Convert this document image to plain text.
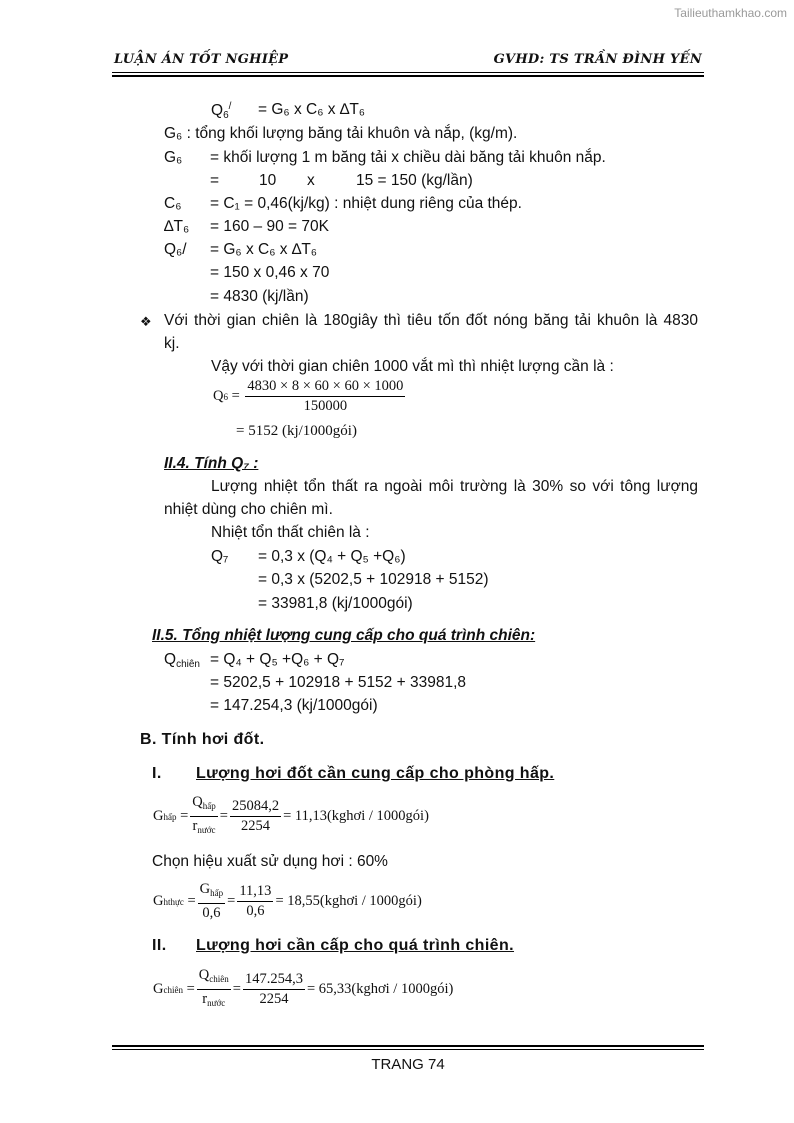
Tailieuthamkhao.com
LUẬN ÁN TỐT NGHIỆP	GVHD: TS TRẦN ĐÌNH YẾN
$Q_6^/ = G_6$ x C₆ x ∆T₆
G₆ : tổng khối lượng băng tải khuôn và nắp, (kg/m).
G₆ = khối lượng 1 m băng tải x chiều dài băng tải khuôn nắp.
=	10 x	15 = 150 (kg/lần)
C₆ = C₁ = 0,46(kj/kg) : nhiệt dung riêng của thép.
∆T₆ = 160 – 90 = 70K
Q₆/ = G₆ x C₆ x ∆T₆
= 150 x 0,46 x 70
= 4830 (kj/lần)
❖ Với thời gian chiên là 180giây thì tiêu tốn đốt nóng băng tải khuôn là 4830
kj.
Vậy với thời gian chiên 1000 vắt mì thì nhiệt lượng cần là :
Q $6 = \frac{4830 \times 8 \times 60 \times 60 \times 1000}{150000}$
= 5152 (kj/1000gói)
II.4. Tính Q₇ :
Lượng nhiệt tổn thất ra ngoài môi trường là 30% so với tông lượng
nhiệt dùng cho chiên mì.
Nhiệt tổn thất chiên là :
Q₇ = 0,3 x (Q₄ + Q₅ +Q₆)
= 0,3 x (5202,5 + 102918 + 5152)
= 33981,8 (kj/1000gói)
II.5. Tổng nhiệt lượng cung cấp cho quá trình chiên:
$Q_{chiên} = Q_4 + Q_5 +Q_6 + Q_7$
= 5202,5 + 102918 + 5152 + 33981,8
= 147.254,3 (kj/1000gói)
B. Tính hơi đốt.
I. Lượng hơi đốt cần cung cấp cho phòng hấp.
G hấp = $\frac{Q_{hấp}}{r_{nước}} = \frac{25084,2}{2254}$ = 11,13(kghơi / 1000gói)
Chọn hiệu xuất sử dụng hơi : 60%
G hthực = $\frac{G_{hấp}}{0,6} = \frac{11,13}{0,6}$ = 18,55(kghơi / 1000gói)
II. Lượng hơi cần cấp cho quá trình chiên.
G chiên = $\frac{Q_{chiên}}{r_{nước}} = \frac{147.254,3}{2254}$ = 65,33(kghơi / 1000gói)
TRANG 74
